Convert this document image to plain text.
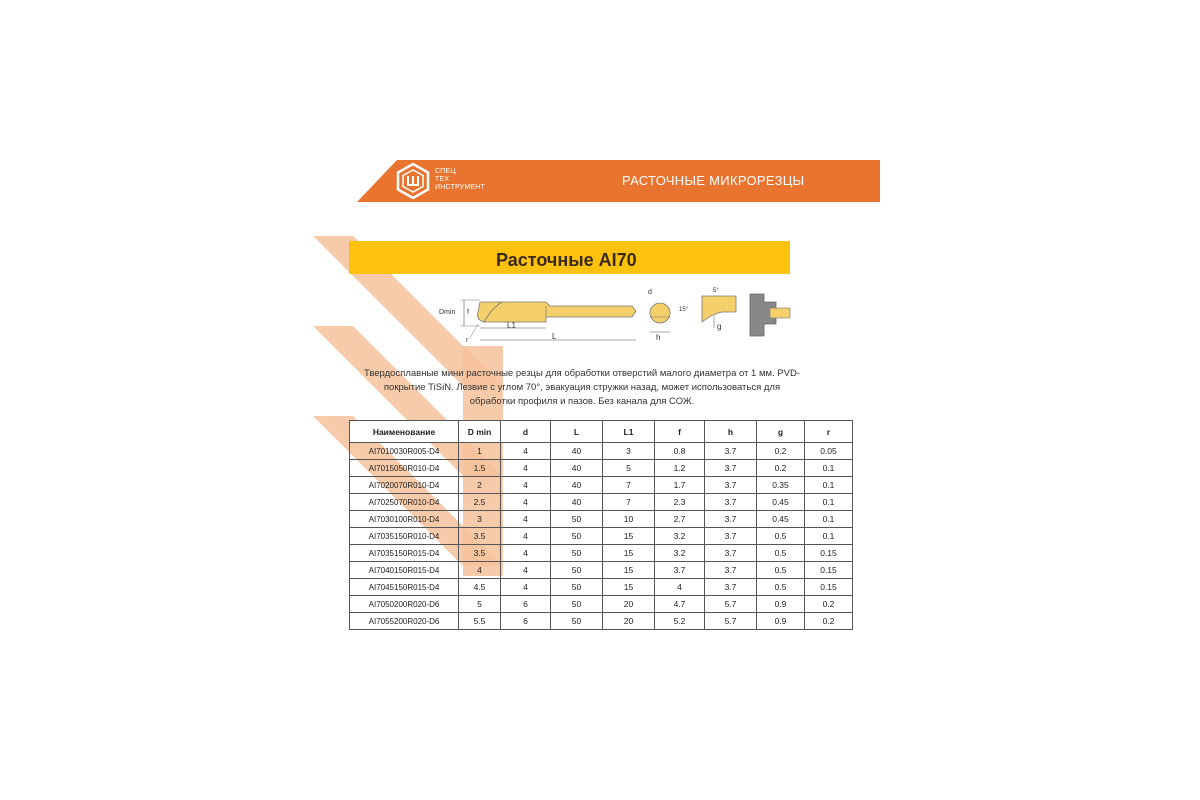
СПЕЦ
ТЕХ
ИНСТРУМЕНТ	РАСТОЧНЫЕ МИКРОРЕЗЦЫ
Расточные AI70
Dmin f
r
L1
L
d
h
5°
15°
g
Твердосплавные мини расточные резцы для обработки отверстий малого диаметра от 1 мм. PVD-покрытие TiSiN. Лезвие с углом 70°, эвакуация стружки назад, может использоваться для обработки профиля и пазов. Без канала для СОЖ.
Наименование	D min	d	L	L1	f	h	g	r
AI7010030R005-D4	1	4	40	3	0.8	3.7	0.2	0.05
AI7015050R010-D4	1.5	4	40	5	1.2	3.7	0.2	0.1
AI7020070R010-D4	2	4	40	7	1.7	3.7	0.35	0.1
AI7025070R010-D4	2.5	4	40	7	2.3	3.7	0.45	0.1
AI7030100R010-D4	3	4	50	10	2.7	3.7	0.45	0.1
AI7035150R010-D4	3.5	4	50	15	3.2	3.7	0.5	0.1
AI7035150R015-D4	3.5	4	50	15	3.2	3.7	0.5	0.15
AI7040150R015-D4	4	4	50	15	3.7	3.7	0.5	0.15
AI7045150R015-D4	4.5	4	50	15	4	3.7	0.5	0.15
AI7050200R020-D6	5	6	50	20	4.7	5.7	0.9	0.2
AI7055200R020-D6	5.5	6	50	20	5.2	5.7	0.9	0.2
